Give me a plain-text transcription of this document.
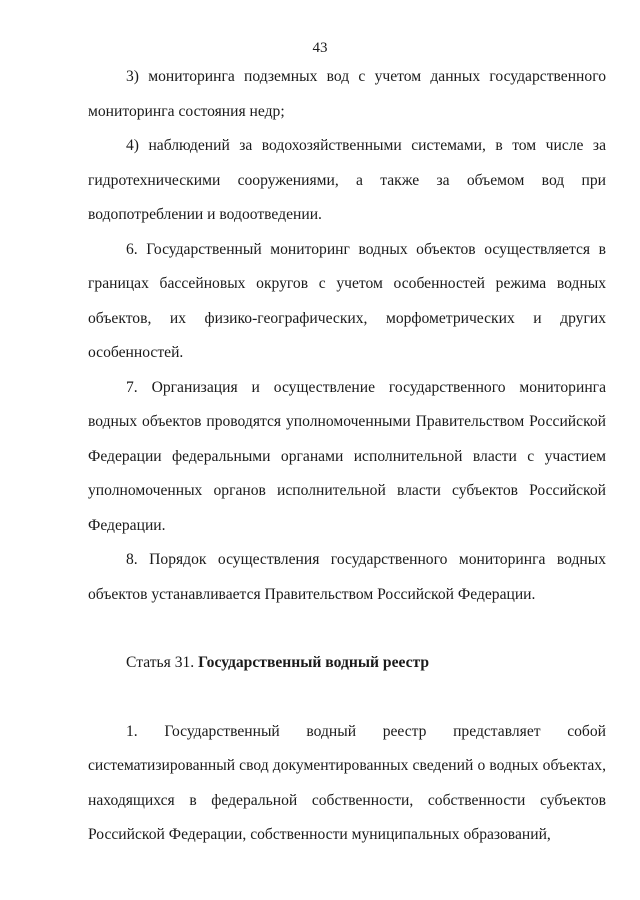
43

3) мониторинга подземных вод с учетом данных государственного мониторинга состояния недр;

4) наблюдений за водохозяйственными системами, в том числе за гидротехническими сооружениями, а также за объемом вод при водопотреблении и водоотведении.

6. Государственный мониторинг водных объектов осуществляется в границах бассейновых округов с учетом особенностей режима водных объектов, их физико-географических, морфометрических и других особенностей.

7. Организация и осуществление государственного мониторинга водных объектов проводятся уполномоченными Правительством Российской Федерации федеральными органами исполнительной власти с участием уполномоченных органов исполнительной власти субъектов Российской Федерации.

8. Порядок осуществления государственного мониторинга водных объектов устанавливается Правительством Российской Федерации.

Статья 31. Государственный водный реестр

1. Государственный водный реестр представляет собой систематизированный свод документированных сведений о водных объектах, находящихся в федеральной собственности, собственности субъектов Российской Федерации, собственности муниципальных образований,
